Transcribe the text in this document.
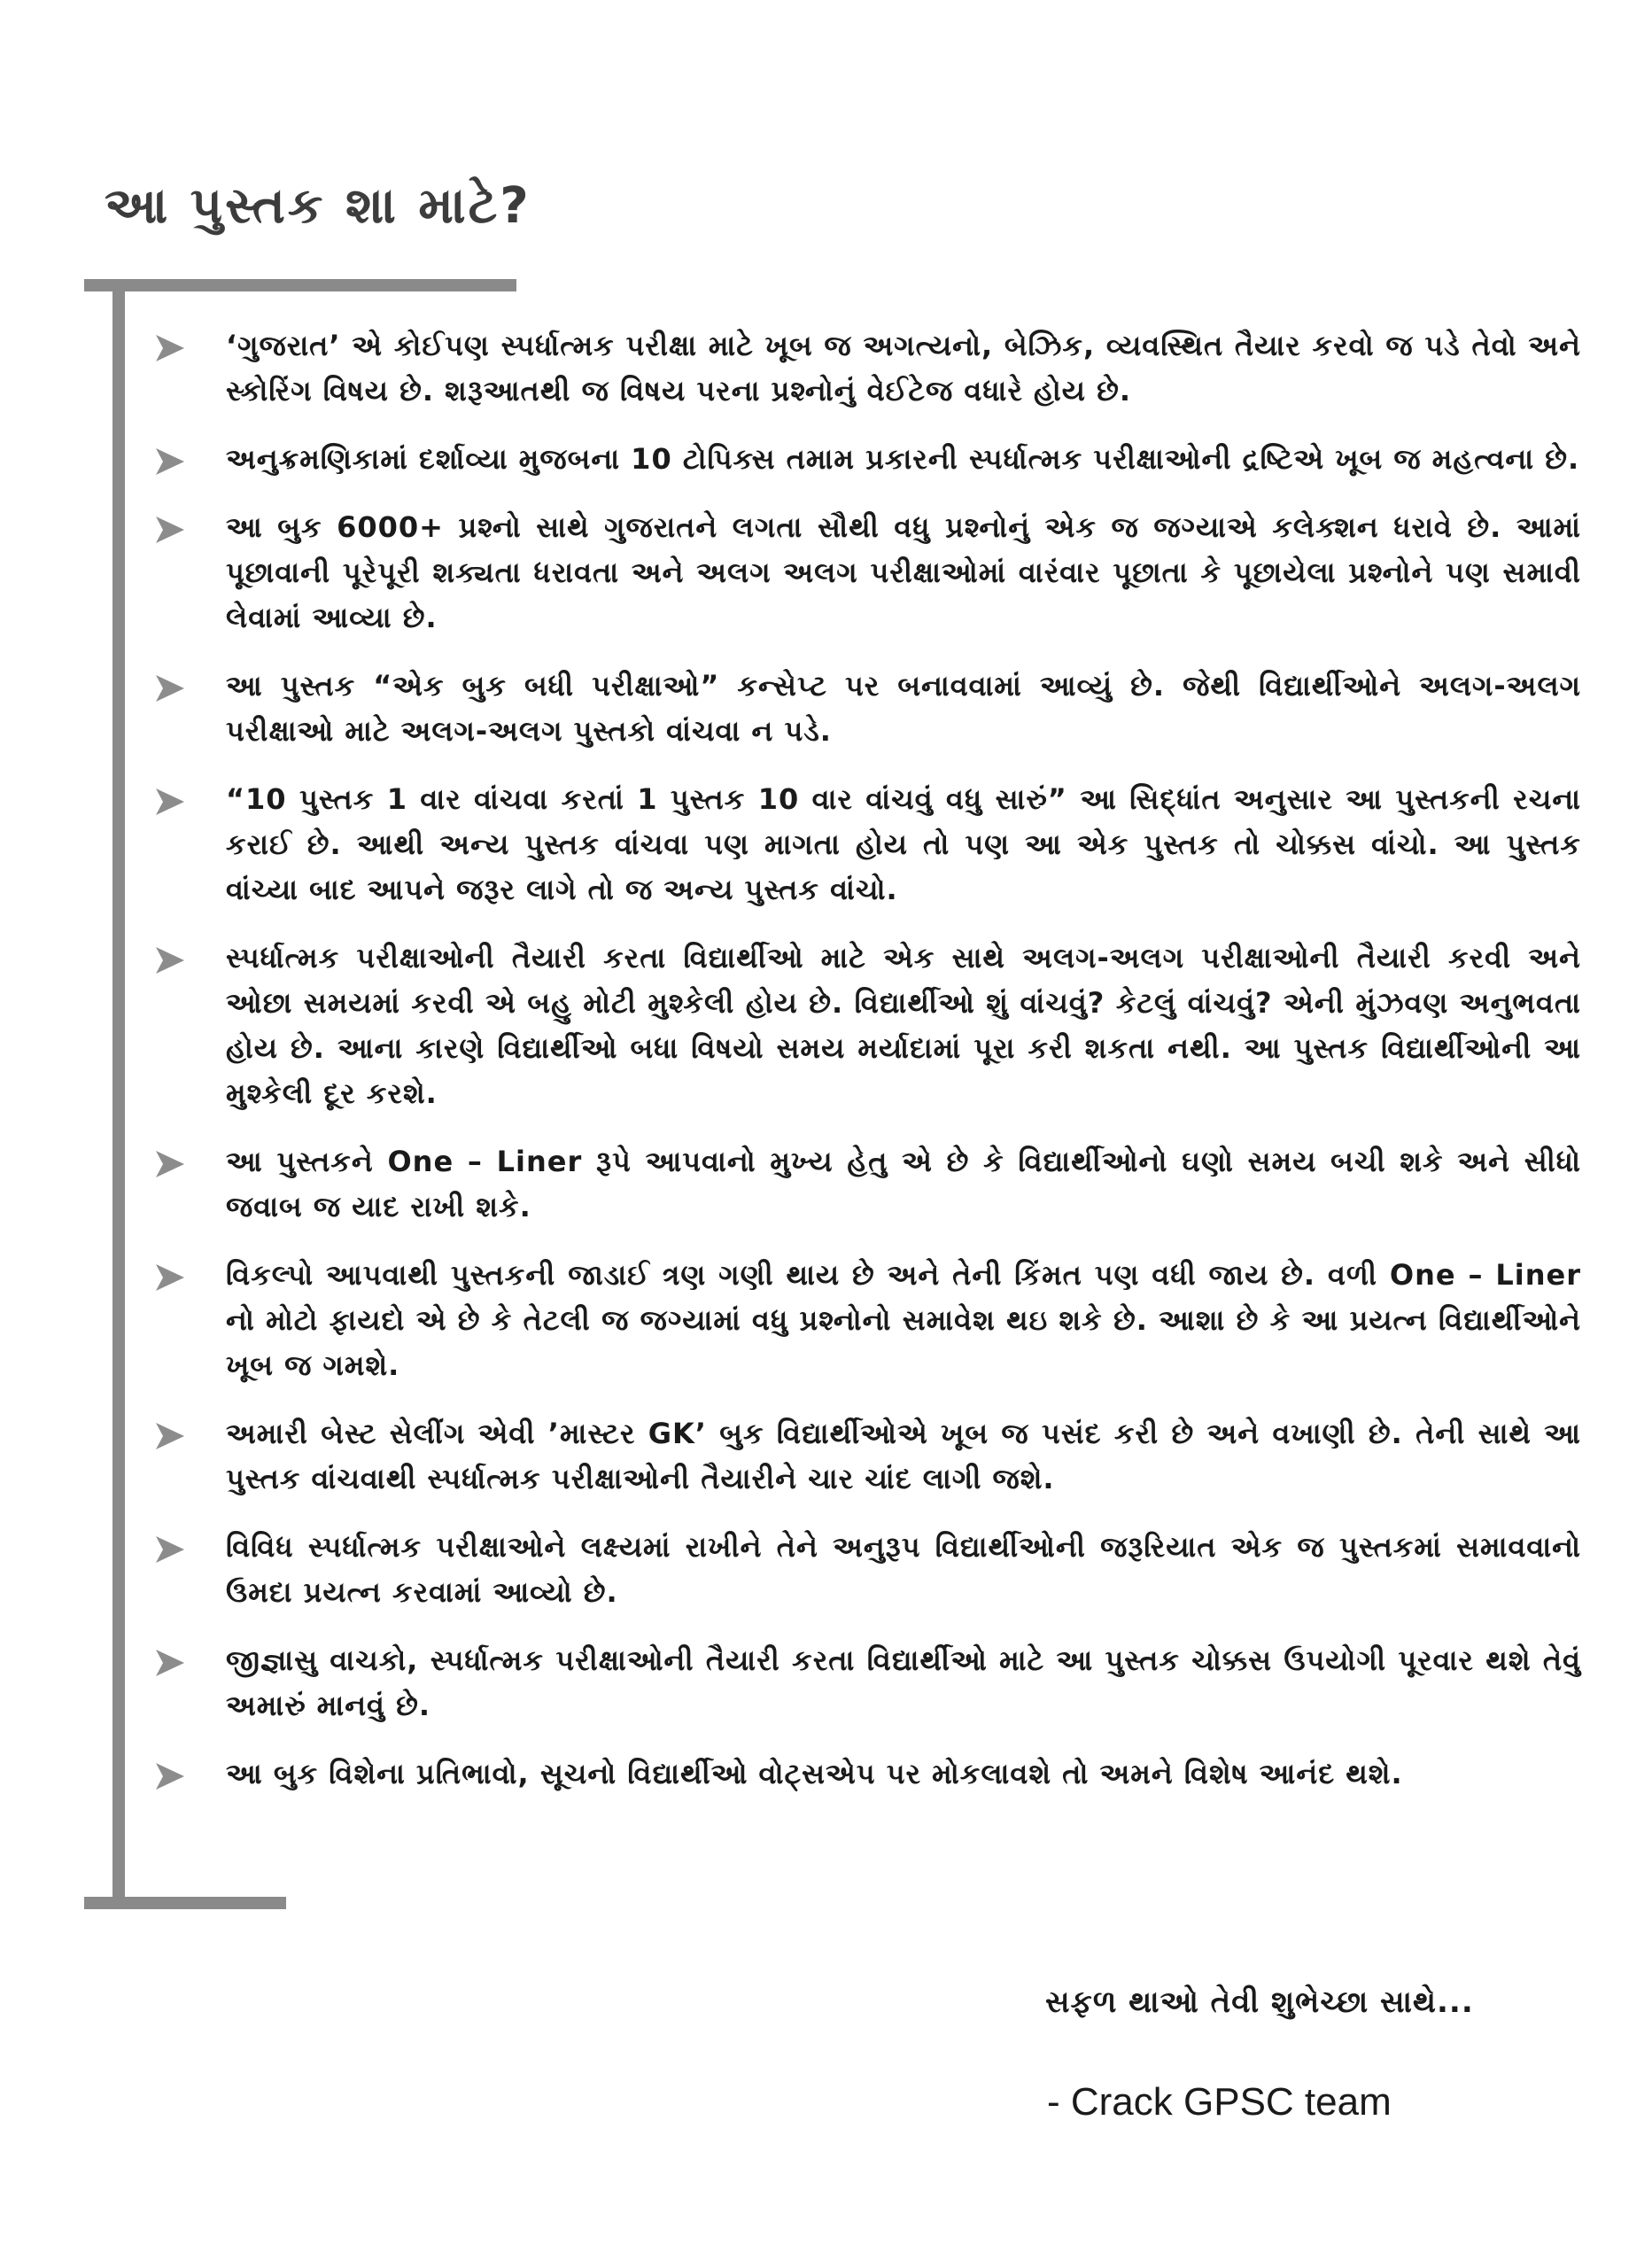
આ પુસ્તક શા માટે?
‘ગુજરાત’ એ કોઈપણ સ્પર્ધાત્મક પરીક્ષા માટે ખૂબ જ અગત્યનો, બેઝિક, વ્યવસ્થિત તૈયાર કરવો જ પડે તેવો અને સ્કોરિંગ વિષય છે. શરૂઆતથી જ વિષય પરના પ્રશ્નોનું વેઈટેજ વધારે હોય છે.
અનુક્રમણિકામાં દર્શાવ્યા મુજબના 10 ટોપિક્સ તમામ પ્રકારની સ્પર્ધાત્મક પરીક્ષાઓની દ્રષ્ટિએ ખૂબ જ મહત્વના છે.
આ બુક 6000+ પ્રશ્નો સાથે ગુજરાતને લગતા સૌથી વધુ પ્રશ્નોનું એક જ જગ્યાએ કલેક્શન ધરાવે છે. આમાં પૂછાવાની પૂરેપૂરી શક્યતા ધરાવતા અને અલગ અલગ પરીક્ષાઓમાં વારંવાર પૂછાતા કે પૂછાયેલા પ્રશ્નોને પણ સમાવી લેવામાં આવ્યા છે.
આ પુસ્તક “એક બુક બધી પરીક્ષાઓ” કન્સેપ્ટ પર બનાવવામાં આવ્યું છે. જેથી વિદ્યાર્થીઓને અલગ-અલગ પરીક્ષાઓ માટે અલગ-અલગ પુસ્તકો વાંચવા ન પડે.
“10 પુસ્તક 1 વાર વાંચવા કરતાં 1 પુસ્તક 10 વાર વાંચવું વધુ સારું” આ સિદ્ધાંત અનુસાર આ પુસ્તકની રચના કરાઈ છે. આથી અન્ય પુસ્તક વાંચવા પણ માગતા હોય તો પણ આ એક પુસ્તક તો ચોક્કસ વાંચો. આ પુસ્તક વાંચ્યા બાદ આપને જરૂર લાગે તો જ અન્ય પુસ્તક વાંચો.
સ્પર્ધાત્મક પરીક્ષાઓની તૈયારી કરતા વિદ્યાર્થીઓ માટે એક સાથે અલગ-અલગ પરીક્ષાઓની તૈયારી કરવી અને ઓછા સમયમાં કરવી એ બહુ મોટી મુશ્કેલી હોય છે. વિદ્યાર્થીઓ શું વાંચવું? કેટલું વાંચવું? એની મુંઝવણ અનુભવતા હોય છે. આના કારણે વિદ્યાર્થીઓ બધા વિષયો સમય મર્યાદામાં પૂરા કરી શકતા નથી. આ પુસ્તક વિદ્યાર્થીઓની આ મુશ્કેલી દૂર કરશે.
આ પુસ્તકને One – Liner રૂપે આપવાનો મુખ્ય હેતુ એ છે કે વિદ્યાર્થીઓનો ઘણો સમય બચી શકે અને સીધો જવાબ જ યાદ રાખી શકે.
વિકલ્પો આપવાથી પુસ્તકની જાડાઈ ત્રણ ગણી થાય છે અને તેની કિંમત પણ વધી જાય છે. વળી One – Liner નો મોટો ફાયદો એ છે કે તેટલી જ જગ્યામાં વધુ પ્રશ્નોનો સમાવેશ થઇ શકે છે. આશા છે કે આ પ્રયત્ન વિદ્યાર્થીઓને ખૂબ જ ગમશે.
અમારી બેસ્ટ સેલીંગ એવી ’માસ્ટર GK’ બુક વિદ્યાર્થીઓએ ખૂબ જ પસંદ કરી છે અને વખાણી છે. તેની સાથે આ પુસ્તક વાંચવાથી સ્પર્ધાત્મક પરીક્ષાઓની તૈયારીને ચાર ચાંદ લાગી જશે.
વિવિધ સ્પર્ધાત્મક પરીક્ષાઓને લક્ષ્યમાં રાખીને તેને અનુરૂપ વિદ્યાર્થીઓની જરૂરિયાત એક જ પુસ્તકમાં સમાવવાનો ઉમદા પ્રયત્ન કરવામાં આવ્યો છે.
જીજ્ઞાસુ વાચકો, સ્પર્ધાત્મક પરીક્ષાઓની તૈયારી કરતા વિદ્યાર્થીઓ માટે આ પુસ્તક ચોક્કસ ઉપયોગી પૂરવાર થશે તેવું અમારું માનવું છે.
આ બુક વિશેના પ્રતિભાવો, સૂચનો વિદ્યાર્થીઓ વોટ્સએપ પર મોકલાવશે તો અમને વિશેષ આનંદ થશે.
સફળ થાઓ તેવી શુભેચ્છા સાથે...
- Crack GPSC team
